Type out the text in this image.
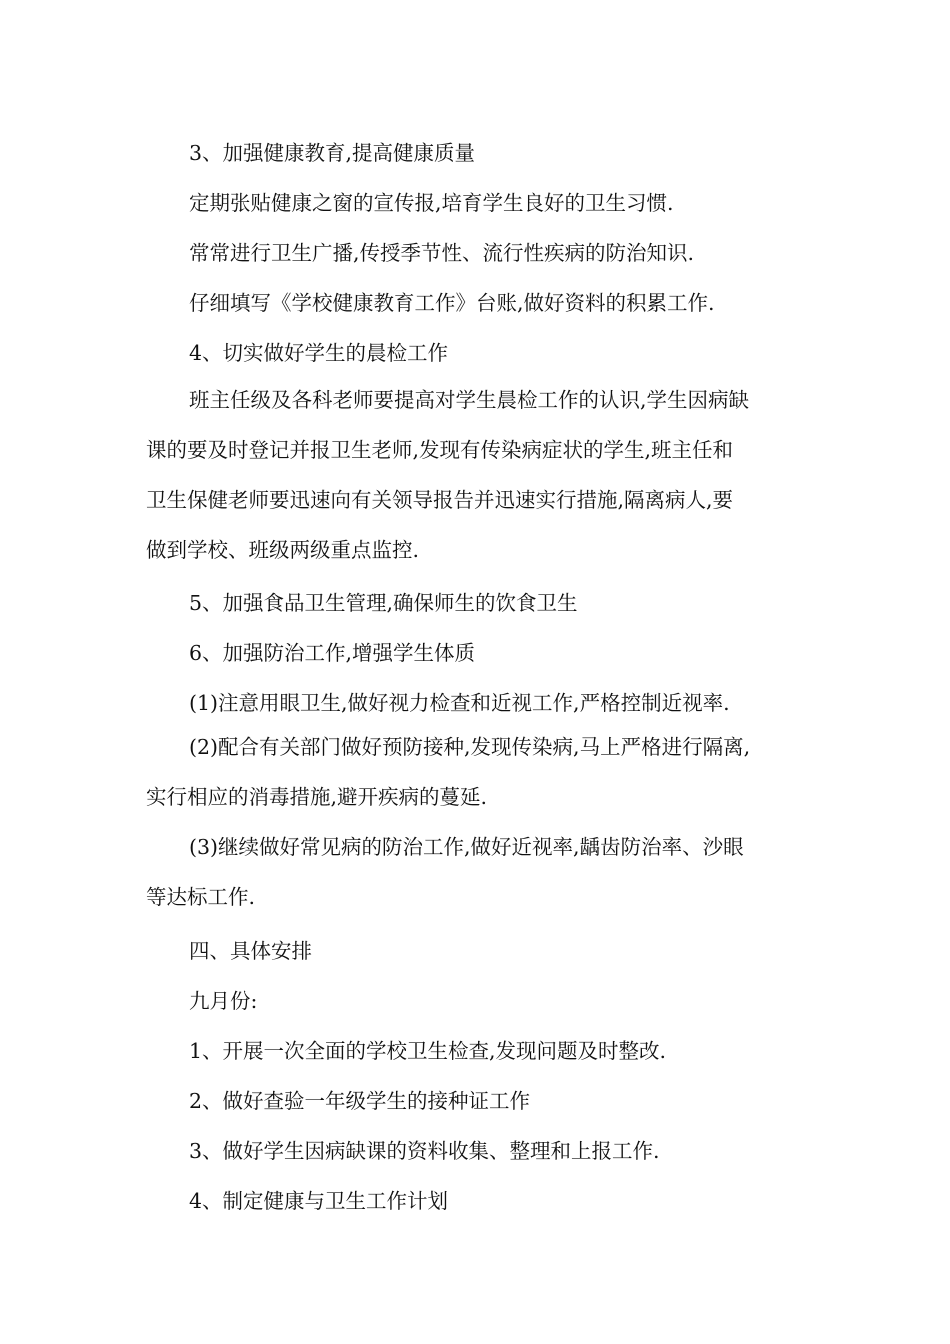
3、加强健康教育,提高健康质量

定期张贴健康之窗的宣传报,培育学生良好的卫生习惯.

常常进行卫生广播,传授季节性、流行性疾病的防治知识.

仔细填写《学校健康教育工作》台账,做好资料的积累工作.

4、切实做好学生的晨检工作

班主任级及各科老师要提高对学生晨检工作的认识,学生因病缺
课的要及时登记并报卫生老师,发现有传染病症状的学生,班主任和
卫生保健老师要迅速向有关领导报告并迅速实行措施,隔离病人,要
做到学校、班级两级重点监控.

5、加强食品卫生管理,确保师生的饮食卫生

6、加强防治工作,增强学生体质

(1)注意用眼卫生,做好视力检查和近视工作,严格控制近视率.

(2)配合有关部门做好预防接种,发现传染病,马上严格进行隔离,
实行相应的消毒措施,避开疾病的蔓延.

(3)继续做好常见病的防治工作,做好近视率,龋齿防治率、沙眼
等达标工作.

四、具体安排

九月份:

1、开展一次全面的学校卫生检查,发现问题及时整改.

2、做好查验一年级学生的接种证工作

3、做好学生因病缺课的资料收集、整理和上报工作.

4、制定健康与卫生工作计划
